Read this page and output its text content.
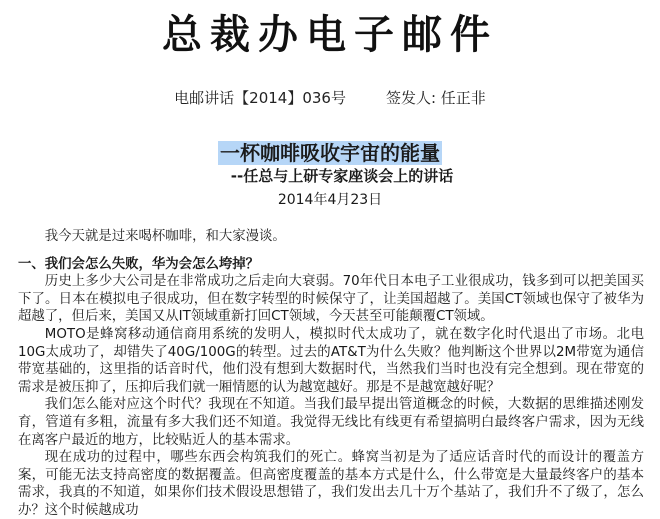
总裁办电子邮件
电邮讲话【2014】036号	签发人: 任正非
一杯咖啡吸收宇宙的能量
--任总与上研专家座谈会上的讲话
2014年4月23日

我今天就是过来喝杯咖啡，和大家漫谈。

一、我们会怎么失败，华为会怎么垮掉？

历史上多少大公司是在非常成功之后走向大衰弱。70年代日本电子工业很成功，钱多到可以把美国买下了。日本在模拟电子很成功，但在数字转型的时候保守了，让美国超越了。美国CT领域也保守了被华为超越了，但后来，美国又从IT领域重新打回CT领域，今天甚至可能颠覆CT领域。

MOTO是蜂窝移动通信商用系统的发明人，模拟时代太成功了，就在数字化时代退出了市场。北电10G太成功了，却错失了40G/100G的转型。过去的AT&T为什么失败？他判断这个世界以2M带宽为通信带宽基础的，这里指的话音时代，他们没有想到大数据时代，当然我们当时也没有完全想到。现在带宽的需求是被压抑了，压抑后我们就一厢情愿的认为越宽越好。那是不是越宽越好呢？

我们怎么能对应这个时代？我现在不知道。当我们最早提出管道概念的时候，大数据的思维描述刚发育，管道有多粗，流量有多大我们还不知道。我觉得无线比有线更有希望搞明白最终客户需求，因为无线在离客户最近的地方，比较贴近人的基本需求。

现在成功的过程中，哪些东西会构筑我们的死亡。蜂窝当初是为了适应话音时代的而设计的覆盖方案，可能无法支持高密度的数据覆盖。但高密度覆盖的基本方式是什么，什么带宽是大量最终客户的基本需求，我真的不知道，如果你们技术假设思想错了，我们发出去几十万个基站了，我们升不了级了，怎么办？这个时候越成功
